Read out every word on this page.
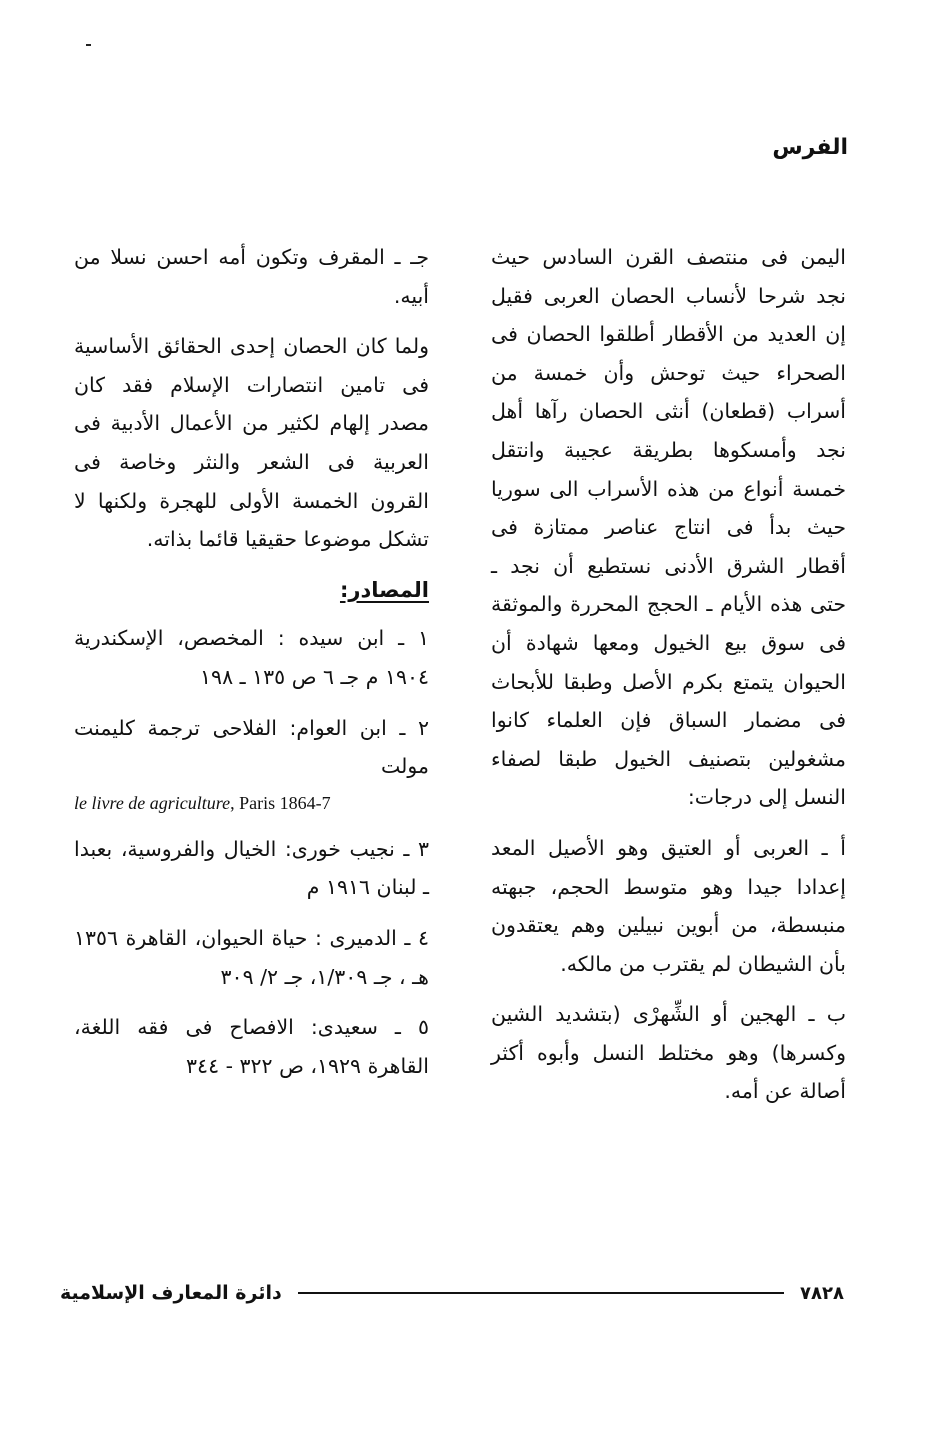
الفرس

اليمن فى منتصف القرن السادس حيث نجد شرحا لأنساب الحصان العربى فقيل إن العديد من الأقطار أطلقوا الحصان فى الصحراء حيث توحش وأن خمسة من أسراب (قطعان) أنثى الحصان رآها أهل نجد وأمسكوها بطريقة عجيبة وانتقل خمسة أنواع من هذه الأسراب الى سوريا حيث بدأ فى انتاج عناصر ممتازة فى أقطار الشرق الأدنى نستطيع أن نجد ـ حتى هذه الأيام ـ الحجج المحررة والموثقة فى سوق بيع الخيول ومعها شهادة أن الحيوان يتمتع بكرم الأصل وطبقا للأبحاث فى مضمار السباق فإن العلماء كانوا مشغولين بتصنيف الخيول طبقا لصفاء النسل إلى درجات:

أ ـ العربى أو العتيق وهو الأصيل المعد إعدادا جيدا وهو متوسط الحجم، جبهته منبسطة، من أبوين نبيلين وهم يعتقدون بأن الشيطان لم يقترب من مالكه.

ب ـ الهجين أو الشِّهرْى (بتشديد الشين وكسرها) وهو مختلط النسل وأبوه أكثر أصالة عن أمه.

جـ ـ المقرف وتكون أمه احسن نسلا من أبيه.

ولما كان الحصان إحدى الحقائق الأساسية فى تامين انتصارات الإسلام فقد كان مصدر إلهام لكثير من الأعمال الأدبية فى العربية فى الشعر والنثر وخاصة فى القرون الخمسة الأولى للهجرة ولكنها لا تشكل موضوعا حقيقيا قائما بذاته.

المصادر:

١ ـ ابن سيده : المخصص، الإسكندرية ١٩٠٤ م جـ ٦ ص ١٣٥ ـ ١٩٨

٢ ـ ابن العوام: الفلاحى ترجمة كليمنت مولت

le livre de agriculture, Paris 1864-7

٣ ـ نجيب خورى: الخيال والفروسية، بعبدا ـ لبنان ١٩١٦ م

٤ ـ الدميرى : حياة الحيوان، القاهرة ١٣٥٦ هـ ، جـ ١/٣٠٩، جـ ٢/ ٣٠٩

٥ ـ سعيدى: الافصاح فى فقه اللغة، القاهرة ١٩٢٩، ص ٣٢٢ - ٣٤٤

٧٨٢٨
دائرة المعارف الإسلامية
